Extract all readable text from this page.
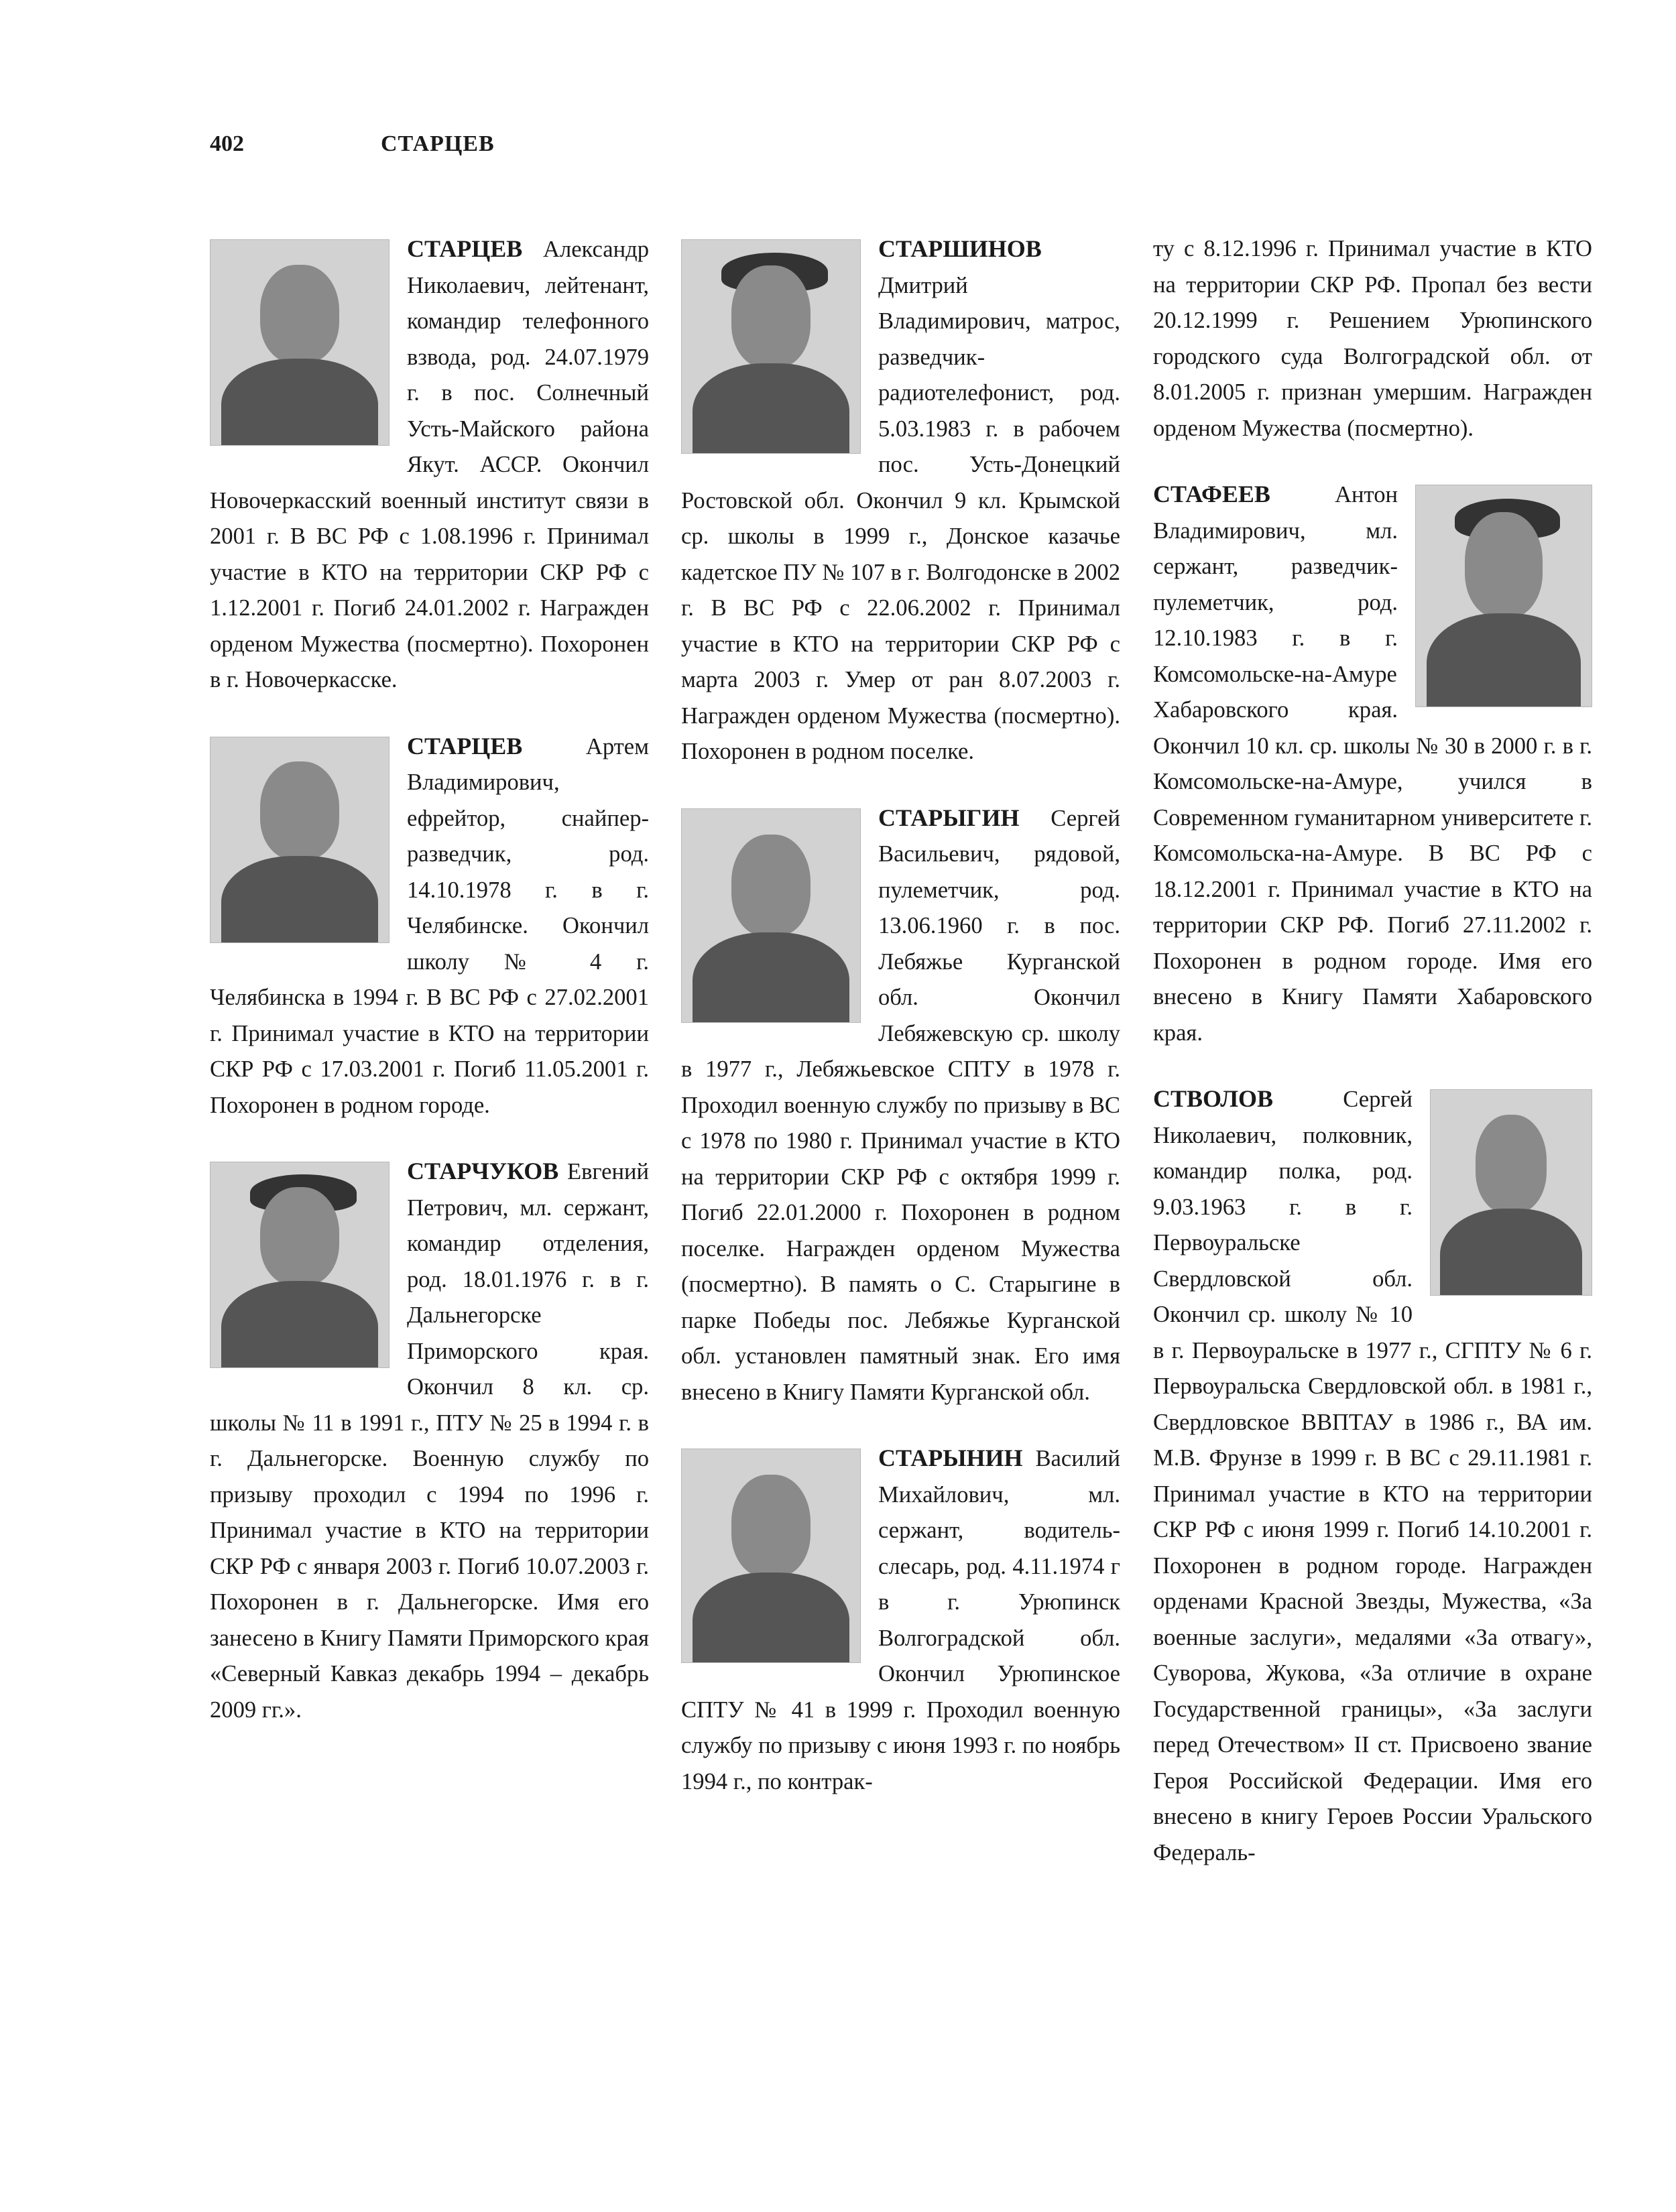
402	СТАРЦЕВ

СТАРЦЕВ Александр Николаевич, лейтенант, командир телефонного взвода, род. 24.07.1979 г. в пос. Солнечный Усть-Майского района Якут. АССР. Окончил Новочеркасский военный институт связи в 2001 г. В ВС РФ с 1.08.1996 г. Принимал участие в КТО на территории СКР РФ с 1.12.2001 г. Погиб 24.01.2002 г. Награжден орденом Мужества (посмертно). Похоронен в г. Новочеркасске.

СТАРЦЕВ	Артем Владимирович, ефрейтор, снайпер-разведчик, род. 14.10.1978 г. в г. Челябинске. Окончил школу № 4 г. Челябинска в 1994 г. В ВС РФ с 27.02.2001 г. Принимал участие в КТО на территории СКР РФ с 17.03.2001 г. Погиб 11.05.2001 г. Похоронен в родном городе.

СТАРЧУКОВ Евгений Петрович, мл. сержант, командир отделения, род. 18.01.1976 г. в г. Дальнегорске Приморского края. Окончил 8 кл. ср. школы № 11 в 1991 г., ПТУ № 25 в 1994 г. в г. Дальнегорске. Военную службу по призыву проходил с 1994 по 1996 г. Принимал участие в КТО на территории СКР РФ с января 2003 г. Погиб 10.07.2003 г. Похоронен в г. Дальнегорске. Имя его занесено в Книгу Памяти Приморского края «Северный Кавказ декабрь 1994 – декабрь 2009 гг.».

СТАРШИНОВ Дмитрий Владимирович, матрос, разведчик-радиотелефонист, род. 5.03.1983 г. в рабочем пос. Усть-Донецкий Ростовской обл. Окончил 9 кл. Крымской ср. школы в 1999 г., Донское казачье кадетское ПУ № 107 в г. Волгодонске в 2002 г. В ВС РФ с 22.06.2002 г. Принимал участие в КТО на территории СКР РФ с марта 2003 г. Умер от ран 8.07.2003 г. Награжден орденом Мужества (посмертно). Похоронен в родном поселке.

СТАРЫГИН Сергей Васильевич, рядовой, пулеметчик, род. 13.06.1960 г. в пос. Лебяжье Курганской обл. Окончил Лебяжевскую ср. школу в 1977 г., Лебяжьевское СПТУ в 1978 г. Проходил военную службу по призыву в ВС с 1978 по 1980 г. Принимал участие в КТО на территории СКР РФ с октября 1999 г. Погиб 22.01.2000 г. Похоронен в родном поселке. Награжден орденом Мужества (посмертно). В память о С. Старыгине в парке Победы пос. Лебяжье Курганской обл. установлен памятный знак. Его имя внесено в Книгу Памяти Курганской обл.

СТАРЫНИН Василий Михайлович, мл. сержант, водитель-слесарь, род. 4.11.1974 г в г. Урюпинск Волгоградской обл. Окончил Урюпинское СПТУ № 41 в 1999 г. Проходил военную службу по призыву с июня 1993 г. по ноябрь 1994 г., по контрак-

ту с 8.12.1996 г. Принимал участие в КТО на территории СКР РФ. Пропал без вести 20.12.1999 г. Решением Урюпинского городского суда Волгоградской обл. от 8.01.2005 г. признан умершим. Награжден орденом Мужества (посмертно).

СТАФЕЕВ	Антон Владимирович, мл. сержант, разведчик-пулеметчик, род. 12.10.1983 г. в г. Комсомольске-на-Амуре Хабаровского края. Окончил 10 кл. ср. школы № 30 в 2000 г. в г. Комсомольске-на-Амуре, учился в Современном гуманитарном университете г. Комсомольска-на-Амуре. В ВС РФ с 18.12.2001 г. Принимал участие в КТО на территории СКР РФ. Погиб 27.11.2002 г. Похоронен в родном городе. Имя его внесено в Книгу Памяти Хабаровского края.

СТВОЛОВ	Сергей Николаевич, полковник, командир полка, род. 9.03.1963 г. в г. Первоуральске Свердловской обл. Окончил ср. школу № 10 в г. Первоуральске в 1977 г., СГПТУ № 6 г. Первоуральска Свердловской обл. в 1981 г., Свердловское ВВПТАУ в 1986 г., ВА им. М.В. Фрунзе в 1999 г. В ВС с 29.11.1981 г. Принимал участие в КТО на территории СКР РФ с июня 1999 г. Погиб 14.10.2001 г. Похоронен в родном городе. Награжден орденами Красной Звезды, Мужества, «За военные заслуги», медалями «За отвагу», Суворова, Жукова, «За отличие в охране Государственной границы», «За заслуги перед Отечеством» II ст. Присвоено звание Героя Российской Федерации. Имя его внесено в книгу Героев России Уральского Федераль-
